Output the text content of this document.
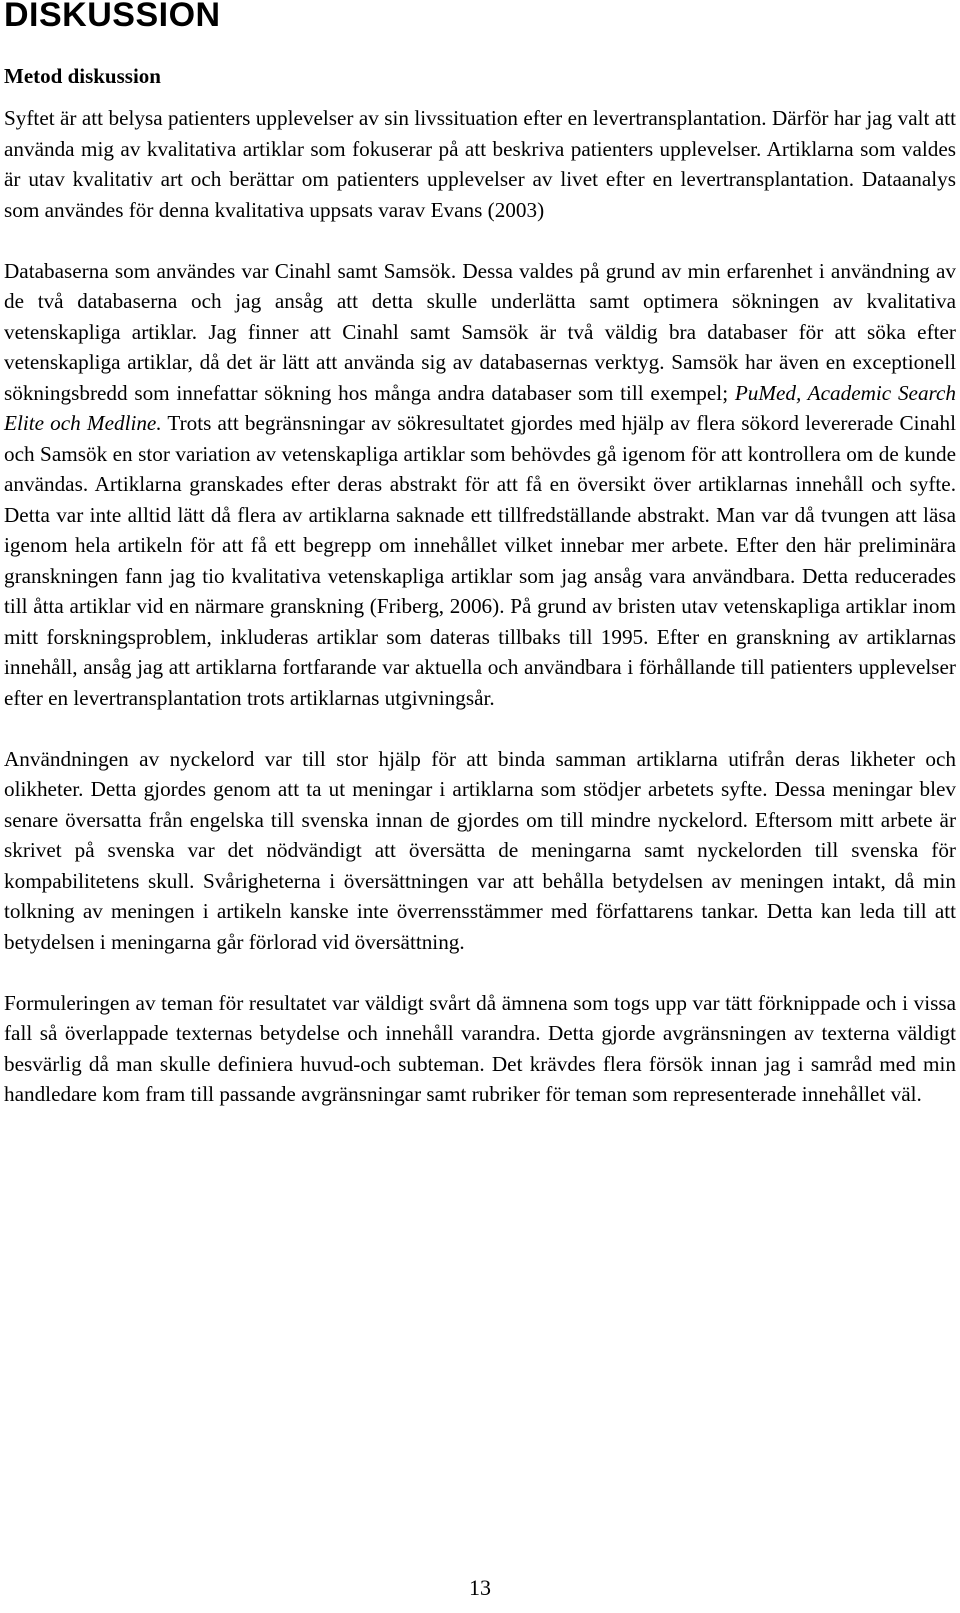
DISKUSSION
Metod diskussion

Syftet är att belysa patienters upplevelser av sin livssituation efter en levertransplantation. Därför har jag valt att använda mig av kvalitativa artiklar som fokuserar på att beskriva patienters upplevelser. Artiklarna som valdes är utav kvalitativ art och berättar om patienters upplevelser av livet efter en levertransplantation. Dataanalys som användes för denna kvalitativa uppsats varav Evans (2003)

Databaserna som användes var Cinahl samt Samsök. Dessa valdes på grund av min erfarenhet i användning av de två databaserna och jag ansåg att detta skulle underlätta samt optimera sökningen av kvalitativa vetenskapliga artiklar. Jag finner att Cinahl samt Samsök är två väldig bra databaser för att söka efter vetenskapliga artiklar, då det är lätt att använda sig av databasernas verktyg. Samsök har även en exceptionell sökningsbredd som innefattar sökning hos många andra databaser som till exempel; PuMed, Academic Search Elite och Medline. Trots att begränsningar av sökresultatet gjordes med hjälp av flera sökord levererade Cinahl och Samsök en stor variation av vetenskapliga artiklar som behövdes gå igenom för att kontrollera om de kunde användas. Artiklarna granskades efter deras abstrakt för att få en översikt över artiklarnas innehåll och syfte. Detta var inte alltid lätt då flera av artiklarna saknade ett tillfredställande abstrakt. Man var då tvungen att läsa igenom hela artikeln för att få ett begrepp om innehållet vilket innebar mer arbete. Efter den här preliminära granskningen fann jag tio kvalitativa vetenskapliga artiklar som jag ansåg vara användbara. Detta reducerades till åtta artiklar vid en närmare granskning (Friberg, 2006). På grund av bristen utav vetenskapliga artiklar inom mitt forskningsproblem, inkluderas artiklar som dateras tillbaks till 1995. Efter en granskning av artiklarnas innehåll, ansåg jag att artiklarna fortfarande var aktuella och användbara i förhållande till patienters upplevelser efter en levertransplantation trots artiklarnas utgivningsår.

Användningen av nyckelord var till stor hjälp för att binda samman artiklarna utifrån deras likheter och olikheter. Detta gjordes genom att ta ut meningar i artiklarna som stödjer arbetets syfte. Dessa meningar blev senare översatta från engelska till svenska innan de gjordes om till mindre nyckelord. Eftersom mitt arbete är skrivet på svenska var det nödvändigt att översätta de meningarna samt nyckelorden till svenska för kompabilitetens skull. Svårigheterna i översättningen var att behålla betydelsen av meningen intakt, då min tolkning av meningen i artikeln kanske inte överrensstämmer med författarens tankar. Detta kan leda till att betydelsen i meningarna går förlorad vid översättning.

Formuleringen av teman för resultatet var väldigt svårt då ämnena som togs upp var tätt förknippade och i vissa fall så överlappade texternas betydelse och innehåll varandra. Detta gjorde avgränsningen av texterna väldigt besvärlig då man skulle definiera huvud-och subteman. Det krävdes flera försök innan jag i samråd med min handledare kom fram till passande avgränsningar samt rubriker för teman som representerade innehållet väl.

13
